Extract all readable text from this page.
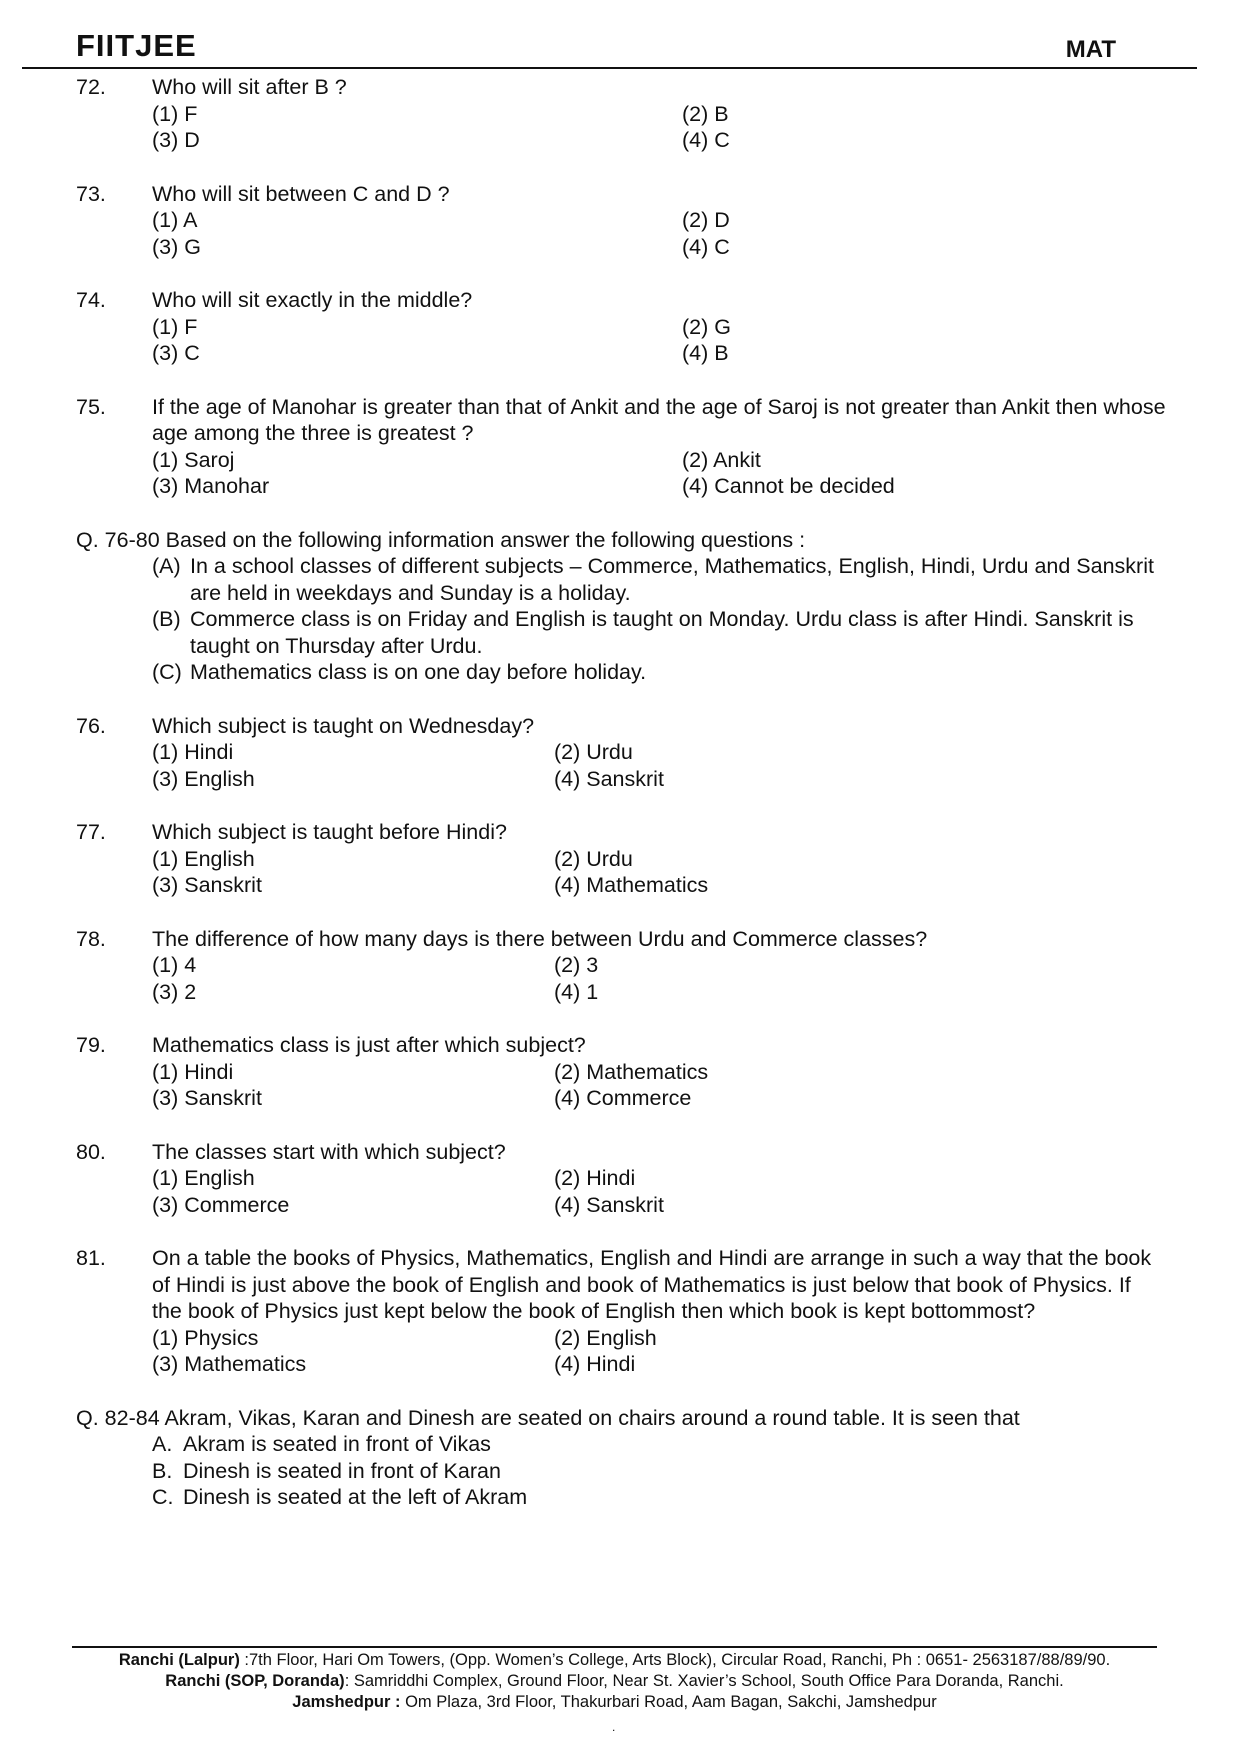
FIITJEE	MAT
72.	Who will sit after B ?
(1) F	(2) B
(3) D	(4) C
73.	Who will sit between C and D ?
(1) A	(2) D
(3) G	(4) C
74.	Who will sit exactly in the middle?
(1) F	(2) G
(3) C	(4) B
75.	If the age of Manohar is greater than that of Ankit and the age of Saroj is not greater than Ankit then whose age among the three is greatest ?
(1) Saroj	(2) Ankit
(3) Manohar	(4) Cannot be decided
Q. 76-80 Based on the following information answer the following questions :
(A) In a school classes of different subjects – Commerce, Mathematics, English, Hindi, Urdu and Sanskrit are held in weekdays and Sunday is a holiday.
(B) Commerce class is on Friday and English is taught on Monday. Urdu class is after Hindi. Sanskrit is taught on Thursday after Urdu.
(C) Mathematics class is on one day before holiday.
76.	Which subject is taught on Wednesday?
(1) Hindi	(2) Urdu
(3) English	(4) Sanskrit
77.	Which subject is taught before Hindi?
(1) English	(2) Urdu
(3) Sanskrit	(4) Mathematics
78.	The difference of how many days is there between Urdu and Commerce classes?
(1) 4	(2) 3
(3) 2	(4) 1
79.	Mathematics class is just after which subject?
(1) Hindi	(2) Mathematics
(3) Sanskrit	(4) Commerce
80.	The classes start with which subject?
(1) English	(2) Hindi
(3) Commerce	(4) Sanskrit
81.	On a table the books of Physics, Mathematics, English and Hindi are arrange in such a way that the book of Hindi is just above the book of English and book of Mathematics is just below that book of Physics. If the book of Physics just kept below the book of English then which book is kept bottommost?
(1) Physics	(2) English
(3) Mathematics	(4) Hindi
Q. 82-84 Akram, Vikas, Karan and Dinesh are seated on chairs around a round table. It is seen that
A. Akram is seated in front of Vikas
B. Dinesh is seated in front of Karan
C. Dinesh is seated at the left of Akram
Ranchi (Lalpur) :7th Floor, Hari Om Towers, (Opp. Women’s College, Arts Block), Circular Road, Ranchi, Ph : 0651- 2563187/88/89/90.
Ranchi (SOP, Doranda): Samriddhi Complex, Ground Floor, Near St. Xavier’s School, South Office Para Doranda, Ranchi.
Jamshedpur : Om Plaza, 3rd Floor, Thakurbari Road, Aam Bagan, Sakchi, Jamshedpur
.
